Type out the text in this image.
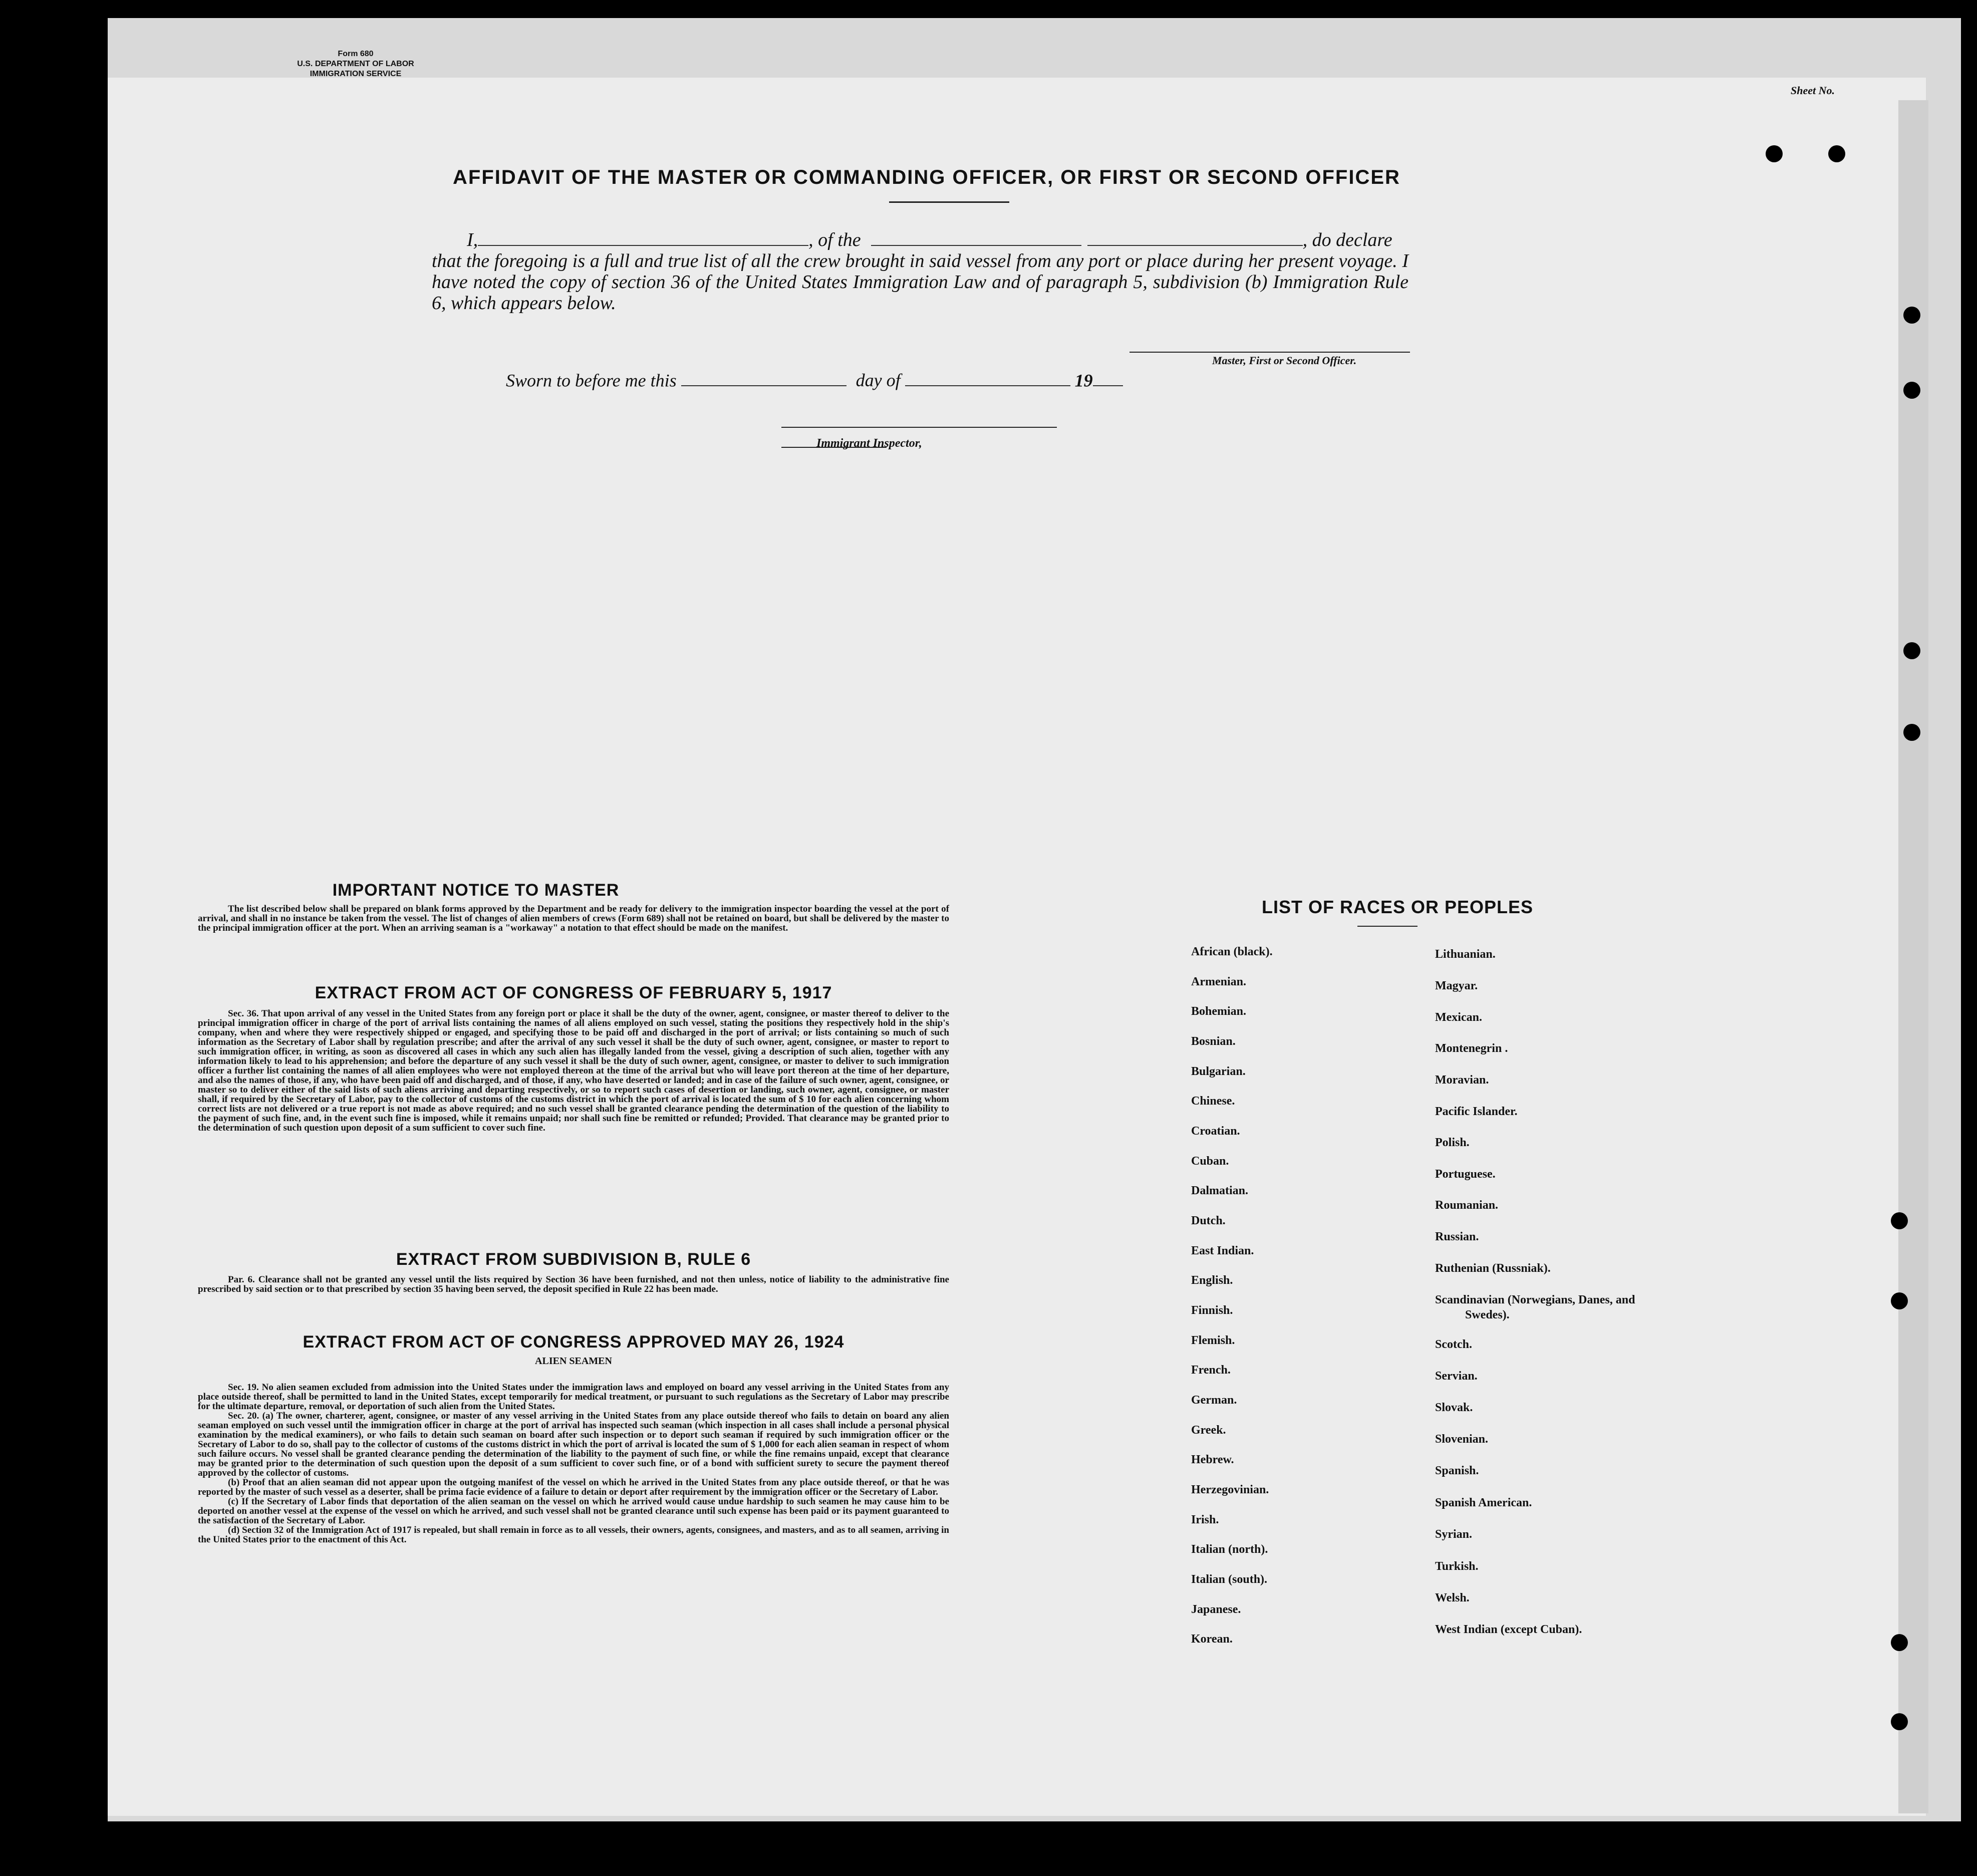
Form 680
U.S. DEPARTMENT OF LABOR
IMMIGRATION SERVICE
Sheet No.
AFFIDAVIT OF THE MASTER OR COMMANDING OFFICER, OR FIRST OR SECOND OFFICER
I,	, of the	, do declare
that the foregoing is a full and true list of all the crew brought in said vessel from any port or place during her present voyage. I have noted the copy of section 36 of the United States Immigration Law and of paragraph 5, subdivision (b) Immigration Rule 6, which appears below.
Master, First or Second Officer.
Sworn to before me this	day of	19
Immigrant Inspector,
IMPORTANT NOTICE TO MASTER
The list described below shall be prepared on blank forms approved by the Department and be ready for delivery to the immigration inspector boarding the vessel at the port of arrival, and shall in no instance be taken from the vessel. The list of changes of alien members of crews (Form 689) shall not be retained on board, but shall be delivered by the master to the principal immigration officer at the port. When an arriving seaman is a "workaway" a notation to that effect should be made on the manifest.
EXTRACT FROM ACT OF CONGRESS OF FEBRUARY 5, 1917
Sec. 36. That upon arrival of any vessel in the United States from any foreign port or place it shall be the duty of the owner, agent, consignee, or master thereof to deliver to the principal immigration officer in charge of the port of arrival lists containing the names of all aliens employed on such vessel, stating the positions they respectively hold in the ship's company, when and where they were respectively shipped or engaged, and specifying those to be paid off and discharged in the port of arrival; or lists containing so much of such information as the Secretary of Labor shall by regulation prescribe; and after the arrival of any such vessel it shall be the duty of such owner, agent, consignee, or master to report to such immigration officer, in writing, as soon as discovered all cases in which any such alien has illegally landed from the vessel, giving a description of such alien, together with any information likely to lead to his apprehension; and before the departure of any such vessel it shall be the duty of such owner, agent, consignee, or master to deliver to such immigration officer a further list containing the names of all alien employees who were not employed thereon at the time of the arrival but who will leave port thereon at the time of her departure, and also the names of those, if any, who have been paid off and discharged, and of those, if any, who have deserted or landed; and in case of the failure of such owner, agent, consignee, or master so to deliver either of the said lists of such aliens arriving and departing respectively, or so to report such cases of desertion or landing, such owner, agent, consignee, or master shall, if required by the Secretary of Labor, pay to the collector of customs of the customs district in which the port of arrival is located the sum of $ 10 for each alien concerning whom correct lists are not delivered or a true report is not made as above required; and no such vessel shall be granted clearance pending the determination of the question of the liability to the payment of such fine, and, in the event such fine is imposed, while it remains unpaid; nor shall such fine be remitted or refunded; Provided. That clearance may be granted prior to the determination of such question upon deposit of a sum sufficient to cover such fine.
EXTRACT FROM SUBDIVISION B, RULE 6
Par. 6. Clearance shall not be granted any vessel until the lists required by Section 36 have been furnished, and not then unless, notice of liability to the administrative fine prescribed by said section or to that prescribed by section 35 having been served, the deposit specified in Rule 22 has been made.
EXTRACT FROM ACT OF CONGRESS APPROVED MAY 26, 1924
ALIEN SEAMEN
Sec. 19. No alien seamen excluded from admission into the United States under the immigration laws and employed on board any vessel arriving in the United States from any place outside thereof, shall be permitted to land in the United States, except temporarily for medical treatment, or pursuant to such regulations as the Secretary of Labor may prescribe for the ultimate departure, removal, or deportation of such alien from the United States.
Sec. 20. (a) The owner, charterer, agent, consignee, or master of any vessel arriving in the United States from any place outside thereof who fails to detain on board any alien seaman employed on such vessel until the immigration officer in charge at the port of arrival has inspected such seaman (which inspection in all cases shall include a personal physical examination by the medical examiners), or who fails to detain such seaman on board after such inspection or to deport such seaman if required by such immigration officer or the Secretary of Labor to do so, shall pay to the collector of customs of the customs district in which the port of arrival is located the sum of $ 1,000 for each alien seaman in respect of whom such failure occurs. No vessel shall be granted clearance pending the determination of the liability to the payment of such fine, or while the fine remains unpaid, except that clearance may be granted prior to the determination of such question upon the deposit of a sum sufficient to cover such fine, or of a bond with sufficient surety to secure the payment thereof approved by the collector of customs.
(b) Proof that an alien seaman did not appear upon the outgoing manifest of the vessel on which he arrived in the United States from any place outside thereof, or that he was reported by the master of such vessel as a deserter, shall be prima facie evidence of a failure to detain or deport after requirement by the immigration officer or the Secretary of Labor.
(c) If the Secretary of Labor finds that deportation of the alien seaman on the vessel on which he arrived would cause undue hardship to such seamen he may cause him to be deported on another vessel at the expense of the vessel on which he arrived, and such vessel shall not be granted clearance until such expense has been paid or its payment guaranteed to the satisfaction of the Secretary of Labor.
(d) Section 32 of the Immigration Act of 1917 is repealed, but shall remain in force as to all vessels, their owners, agents, consignees, and masters, and as to all seamen, arriving in the United States prior to the enactment of this Act.
LIST OF RACES OR PEOPLES
African (black).
Armenian.
Bohemian.
Bosnian.
Bulgarian.
Chinese.
Croatian.
Cuban.
Dalmatian.
Dutch.
East Indian.
English.
Finnish.
Flemish.
French.
German.
Greek.
Hebrew.
Herzegovinian.
Irish.
Italian (north).
Italian (south).
Japanese.
Korean.
Lithuanian.
Magyar.
Mexican.
Montenegrin .
Moravian.
Pacific Islander.
Polish.
Portuguese.
Roumanian.
Russian.
Ruthenian (Russniak).
Scandinavian (Norwegians, Danes, and Swedes).
Scotch.
Servian.
Slovak.
Slovenian.
Spanish.
Spanish American.
Syrian.
Turkish.
Welsh.
West Indian (except Cuban).
